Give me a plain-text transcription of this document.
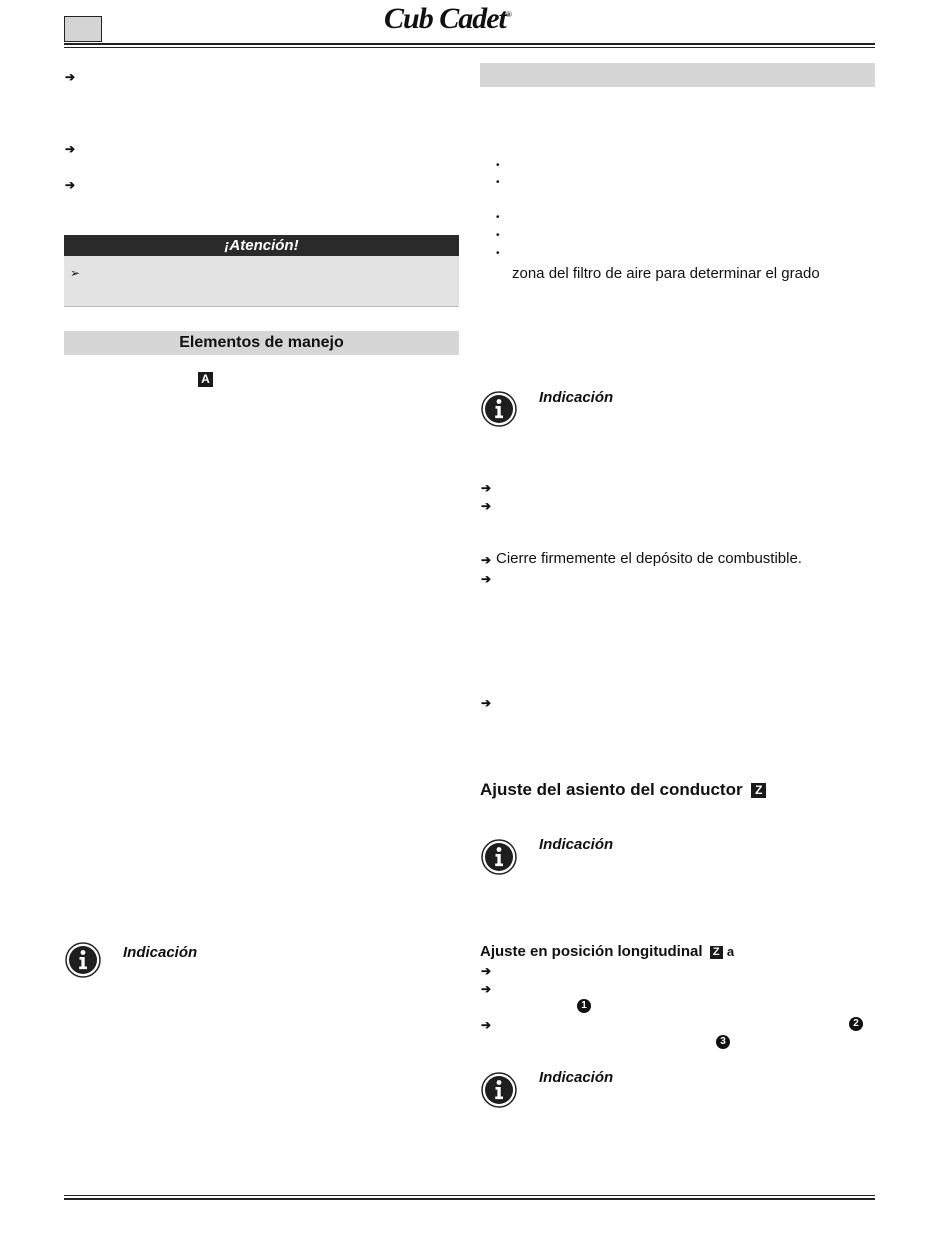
Cub Cadet®
➔
➔
➔
¡Atención!
➢
Elementos de manejo
A
Indicación
•
•
•
•
•
zona del filtro de aire para determinar el grado
Indicación
➔
➔
➔ Cierre firmemente el depósito de combustible.
➔
➔
Ajuste del asiento del conductor Z
Indicación
Ajuste en posición longitudinal Z a
➔
➔
1
➔	2
3
Indicación
